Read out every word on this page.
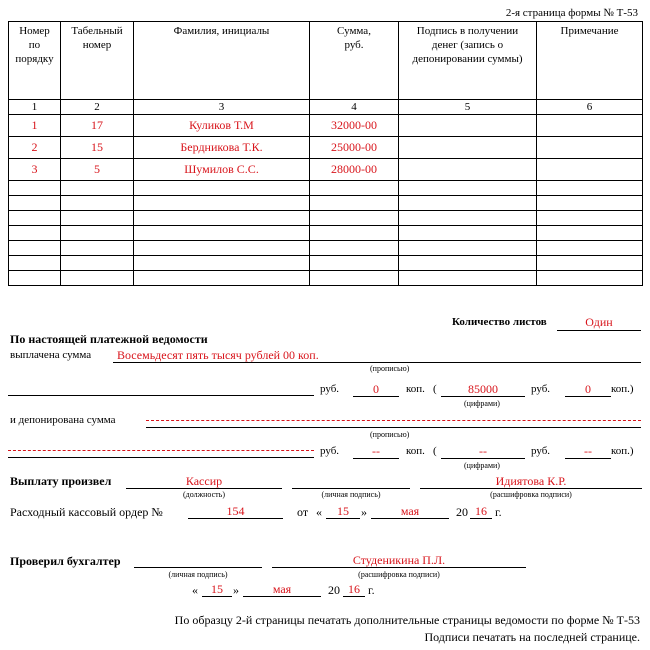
2-я страница формы № Т-53
Номер по порядку	Табельный номер	Фамилия, инициалы	Сумма, руб.	Подпись в получении денег (запись о депонировании суммы)	Примечание
1	2	3	4	5	6
1	17	Куликов Т.М	32000-00		
2	15	Бердникова Т.К.	25000-00		
3	5	Шумилов С.С.	28000-00		

Количество листов	Один
По настоящей платежной ведомости
выплачена сумма Восемьдесят пять тысяч рублей 00 коп.
(прописью)
руб.	0	коп. (	85000
(цифрами)
руб.	0	коп.)
и депонирована сумма
(прописью)
руб.	--	коп. (	--
(цифрами)
руб.	--	коп.)
Выплату произвел	Кассир
(должность)	(личная подпись)
Идиятова К.Р.
(расшифровка подписи)
Расходный кассовый ордер №	154	от «	15	»	мая	20 16 г.
Проверил бухгалтер
(личная подпись)
Студеникина П.Л.
(расшифровка подписи)
«	15 »	мая	20 16 г.
По образцу 2-й страницы печатать дополнительные страницы ведомости по форме № Т-53
Подписи печатать на последней странице.
